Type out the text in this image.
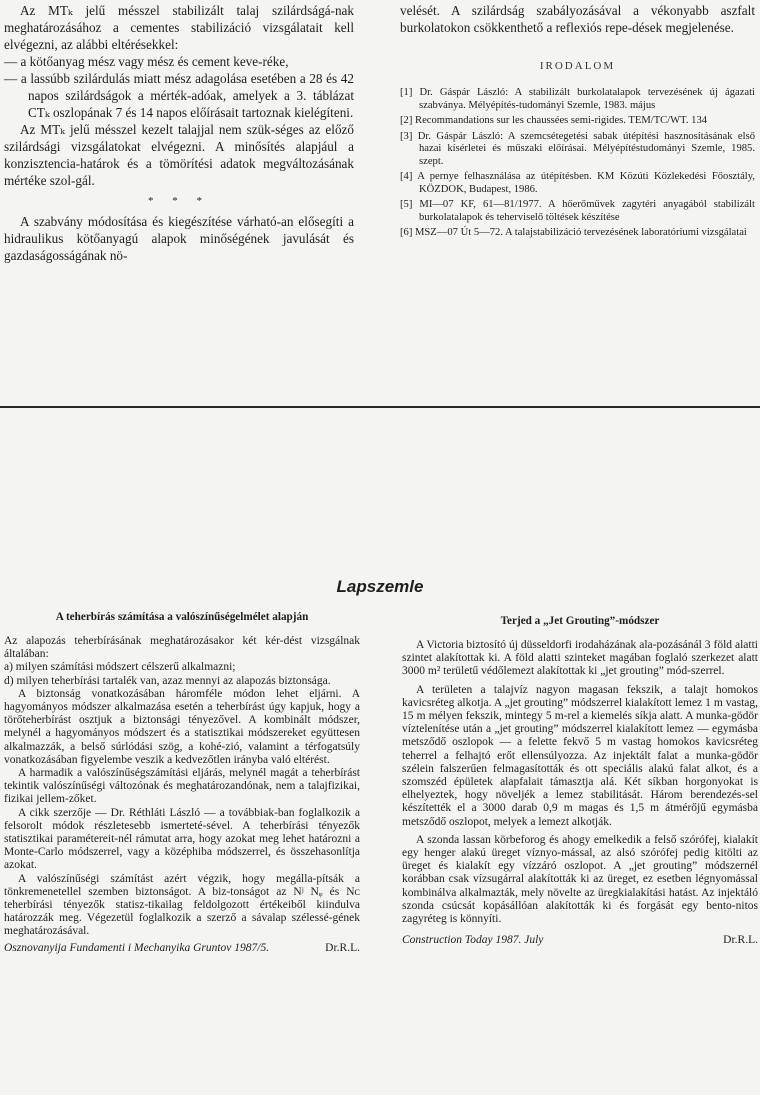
Az MTₖ jelű mésszel stabilizált talaj szilárdságá-nak meghatározásához a cementes stabilizáció vizsgálatait kell elvégezni, az alábbi eltérésekkel:

— a kötőanyag mész vagy mész és cement keve-réke,
— a lassúbb szilárdulás miatt mész adagolása esetében a 28 és 42 napos szilárdságok a mérték-adóak, amelyek a 3. táblázat CTₖ oszlopának 7 és 14 napos előírásait tartoznak kielégíteni.

Az MTₖ jelű mésszel kezelt talajjal nem szük-séges az előző szilárdsági vizsgálatokat elvégezni. A minősítés alapjául a konzisztencia-határok és a tömörítési adatok megváltozásának mértéke szol-gál.

* * *

A szabvány módosítása és kiegészítése várható-an elősegíti a hidraulikus kötőanyagú alapok minőségének javulását és gazdaságosságának nö-

velését. A szilárdság szabályozásával a vékonyabb aszfalt burkolatokon csökkenthető a reflexiós repe-dések megjelenése.

IRODALOM
[1] Dr. Gáspár László: A stabilizált burkolatalapok tervezésének új ágazati szabványa. Mélyépítés-tudományi Szemle, 1983. május
[2] Recommandations sur les chaussées semi-rigides. TEM/TC/WT. 134
[3] Dr. Gáspár László: A szemcsétegetési sabak útépítési hasznosításának első hazai kísérletei és műszaki előírásai. Mélyépítéstudományi Szemle, 1985. szept.
[4] A pernye felhasználása az útépítésben. KM Közúti Közlekedési Főosztály, KÖZDOK, Budapest, 1986.
[5] MI—07 KF, 61—81/1977. A hőerőművek zagytéri anyagából stabilizált burkolatalapok és teherviselő töltések készítése
[6] MSZ—07 Út 5—72. A talajstabilizáció tervezésének laboratóriumi vizsgálatai
Lapszemle
A teherbírás számítása a valószínűségelmélet alapján

Az alapozás teherbírásának meghatározásakor két kér-dést vizsgálnak általában:

a) milyen számítási módszert célszerű alkalmazni;
d) milyen teherbírási tartalék van, azaz mennyi az alapozás biztonsága.

A biztonság vonatkozásában háromféle módon lehet eljárni. A hagyományos módszer alkalmazása esetén a teherbírást úgy kapjuk, hogy a törőteherbírást osztjuk a biztonsági tényezővel. A kombinált módszer, melynél a hagyományos módszert és a statisztikai módszereket együttesen alkalmazzák, a belső súrlódási szög, a kohé-zió, valamint a térfogatsúly vonatkozásában figyelembe veszik a kedvezőtlen irányba való eltérést.

A harmadik a valószínűségszámítási eljárás, melynél magát a teherbírást tekintik valószínűségi változónak és meghatározandónak, nem a talajfizikai, fizikai jellem-zőket.

A cikk szerzője — Dr. Réthláti László — a továbbiak-ban foglalkozik a felsorolt módok részletesebb ismerteté-sével. A teherbírási tényezők statisztikai paramétereit-nél rámutat arra, hogy azokat meg lehet határozni a Monte-Carlo módszerrel, vagy a középhiba módszerrel, és összehasonlítja azokat.

A valószínűségi számítást azért végzik, hogy megálla-pítsák a tönkremenetellel szemben biztonságot. A biz-tonságot az Nʲ Nᵩ és Nᴄ teherbírási tényezők statisz-tikailag feldolgozott értékeiből kiindulva határozzák meg. Végezetül foglalkozik a szerző a sávalap szélessé-gének meghatározásával.

Osznovanyija Fundamenti i Mechanyika Gruntov 1987/5.	Dr.R.L.
Terjed a „Jet Grouting”-módszer

A Victoria biztosító új düsseldorfi irodaházának ala-pozásánál 3 föld alatti szintet alakítottak ki. A föld alatti szinteket magában foglaló szerkezet alatt 3000 m² területű védőlemezt alakítottak ki „jet grouting” mód-szerrel.

A területen a talajvíz nagyon magasan fekszik, a talajt homokos kavicsréteg alkotja. A „jet grouting” módszerrel kialakított lemez 1 m vastag, 15 m mélyen fekszik, mintegy 5 m-rel a kiemelés síkja alatt. A munka-gödör víztelenítése után a „jet grouting” módszerrel kialakított lemez — egymásba metsződő oszlopok — a felette fekvő 5 m vastag homokos kavicsréteg teherrel a felhajtó erőt ellensúlyozza. Az injektált falat a munka-gödör szélein falszerűen felmagasították és ott speciális alakú falat alkot, és a szomszéd épületek alapfalait támasztja alá. Két síkban horgonyokat is elhelyeztek, hogy növeljék a lemez stabilitását. Három berendezés-sel készítették el a 3000 darab 0,9 m magas és 1,5 m átmérőjű egymásba metsződő oszlopot, melyek a lemezt alkotják.

A szonda lassan körbeforog és ahogy emelkedik a felső szórófej, kialakít egy henger alakú üreget víznyo-mással, az alsó szórófej pedig kitölti az üreget és kialakít egy vízzáró oszlopot. A „jet grouting” módszernél korábban csak vízsugárral alakították ki az üreget, ez esetben légnyomással kombinálva alkalmazták, mely növelte az üregkialakítási hatást. Az injektáló szonda csúcsát kopásállóan alakították ki és forgását egy bento-nitos zagyréteg is könnyíti.

Construction Today 1987. July	Dr.R.L.
